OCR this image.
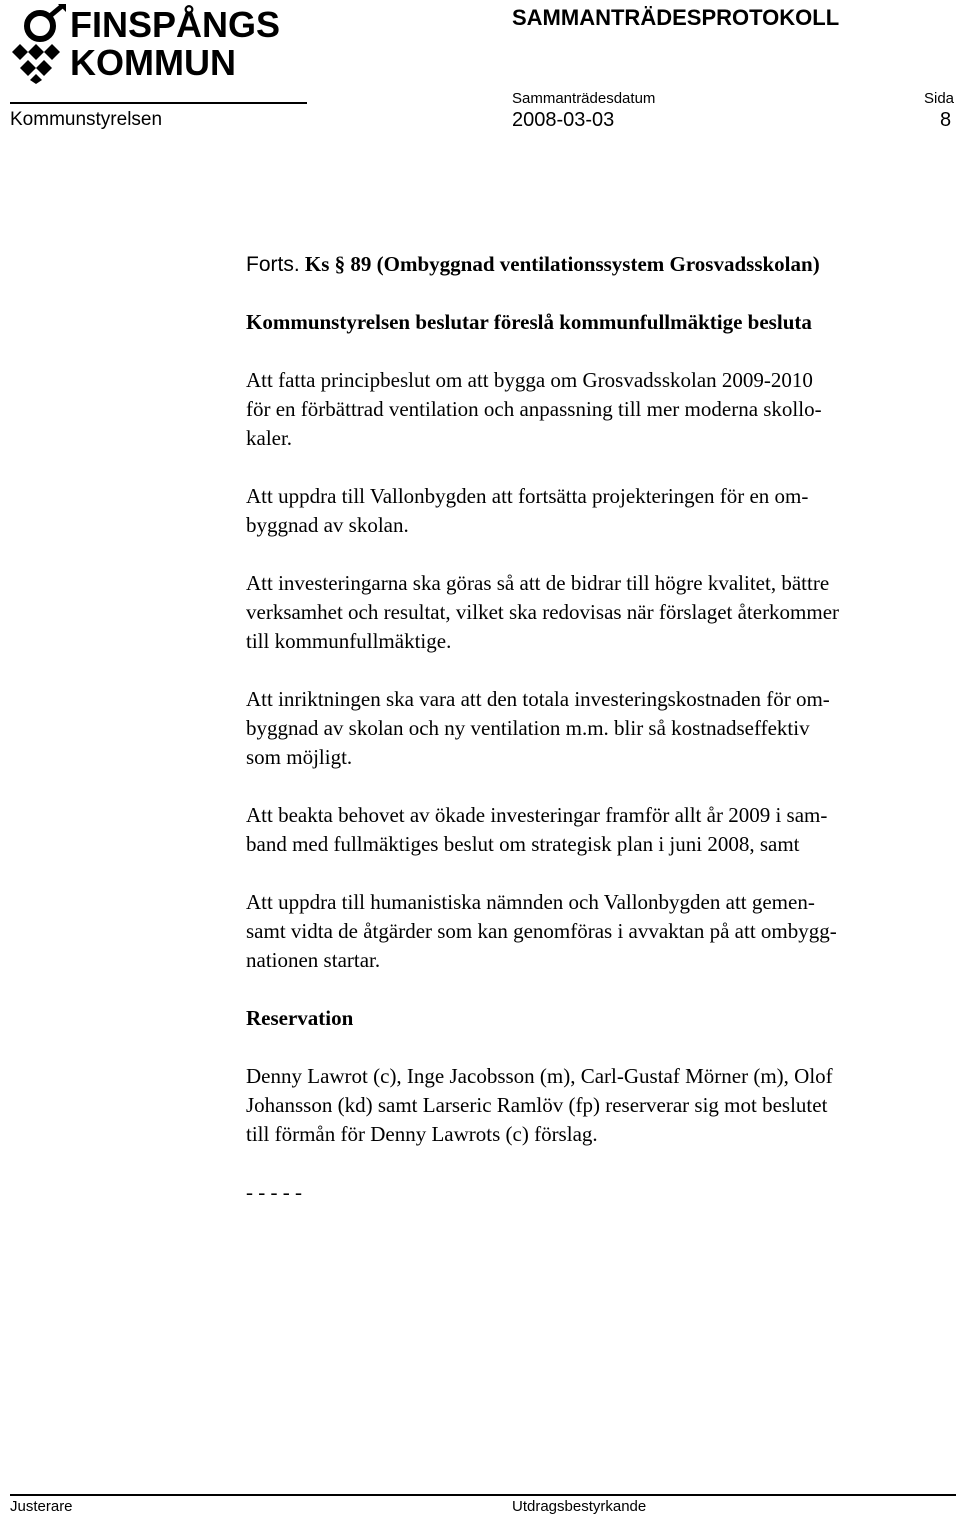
FINSPÅNGS
KOMMUN
SAMMANTRÄDESPROTOKOLL
Sammanträdesdatum	Sida
Kommunstyrelsen	2008-03-03	8
Forts. Ks § 89 (Ombyggnad ventilationssystem Grosvadsskolan)
Kommunstyrelsen beslutar föreslå kommunfullmäktige besluta
Att fatta principbeslut om att bygga om Grosvadsskolan 2009-2010
för en förbättrad ventilation och anpassning till mer moderna skollo-
kaler.
Att uppdra till Vallonbygden att fortsätta projekteringen för en om-
byggnad av skolan.
Att investeringarna ska göras så att de bidrar till högre kvalitet, bättre
verksamhet och resultat, vilket ska redovisas när förslaget återkommer
till kommunfullmäktige.
Att inriktningen ska vara att den totala investeringskostnaden för om-
byggnad av skolan och ny ventilation m.m. blir så kostnadseffektiv
som möjligt.
Att beakta behovet av ökade investeringar framför allt år 2009 i sam-
band med fullmäktiges beslut om strategisk plan i juni 2008, samt
Att uppdra till humanistiska nämnden och Vallonbygden att gemen-
samt vidta de åtgärder som kan genomföras i avvaktan på att ombygg-
nationen startar.
Reservation
Denny Lawrot (c), Inge Jacobsson (m), Carl-Gustaf Mörner (m), Olof
Johansson (kd) samt Larseric Ramlöv (fp) reserverar sig mot beslutet
till förmån för Denny Lawrots (c) förslag.
- - - - -
Justerare	Utdragsbestyrkande
